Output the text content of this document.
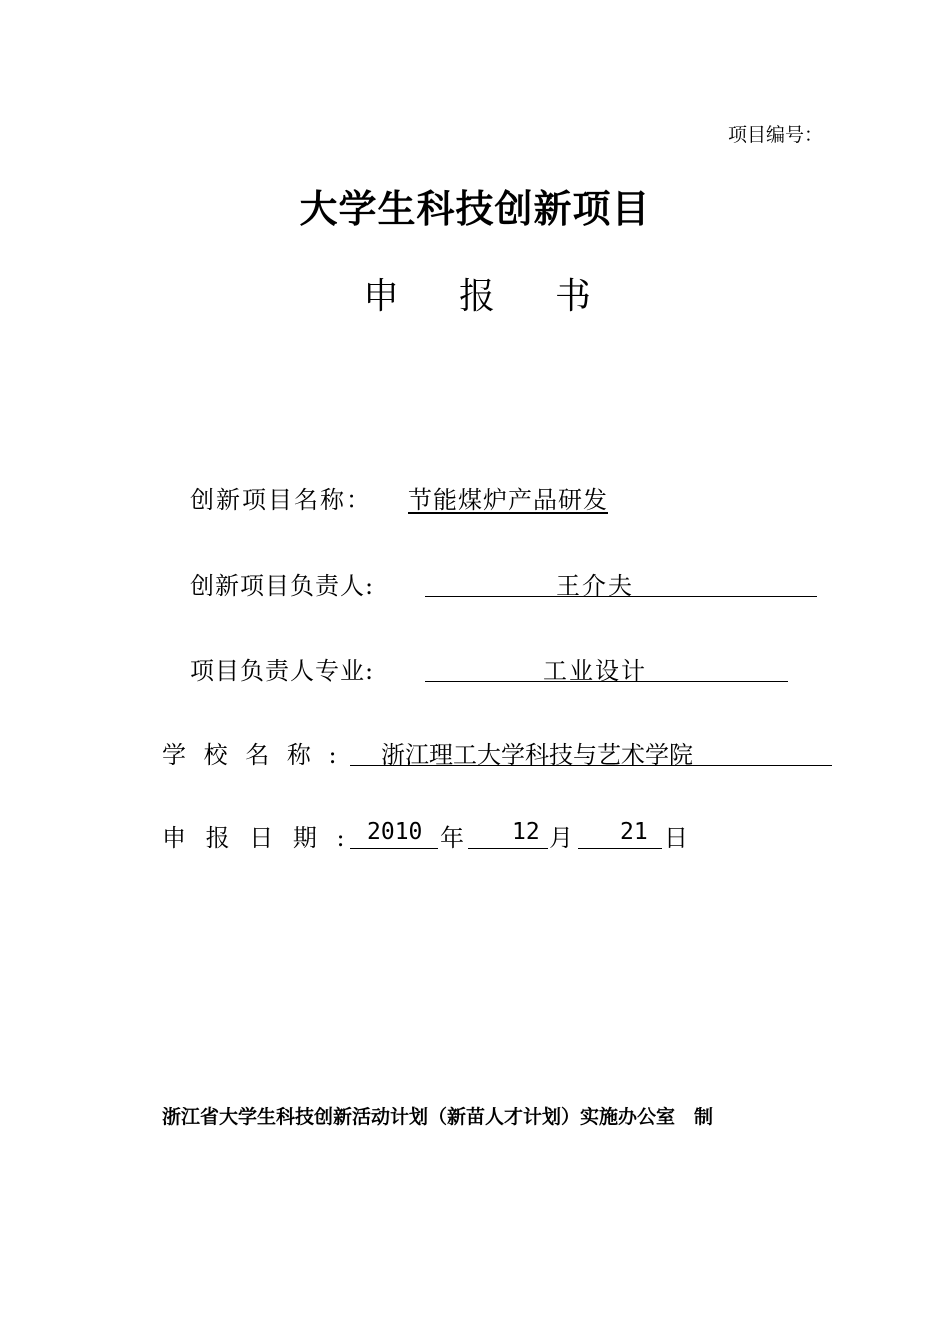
项目编号：
大学生科技创新项目
申 报 书
创新项目名称： 节能煤炉产品研发
创新项目负责人:	王介夫
项目负责人专业:	工业设计
学 校 名 称 : 浙江理工大学科技与艺术学院
申 报 日 期 : 2010 年 12 月 21 日
浙江省大学生科技创新活动计划（新苗人才计划）实施办公室　制
